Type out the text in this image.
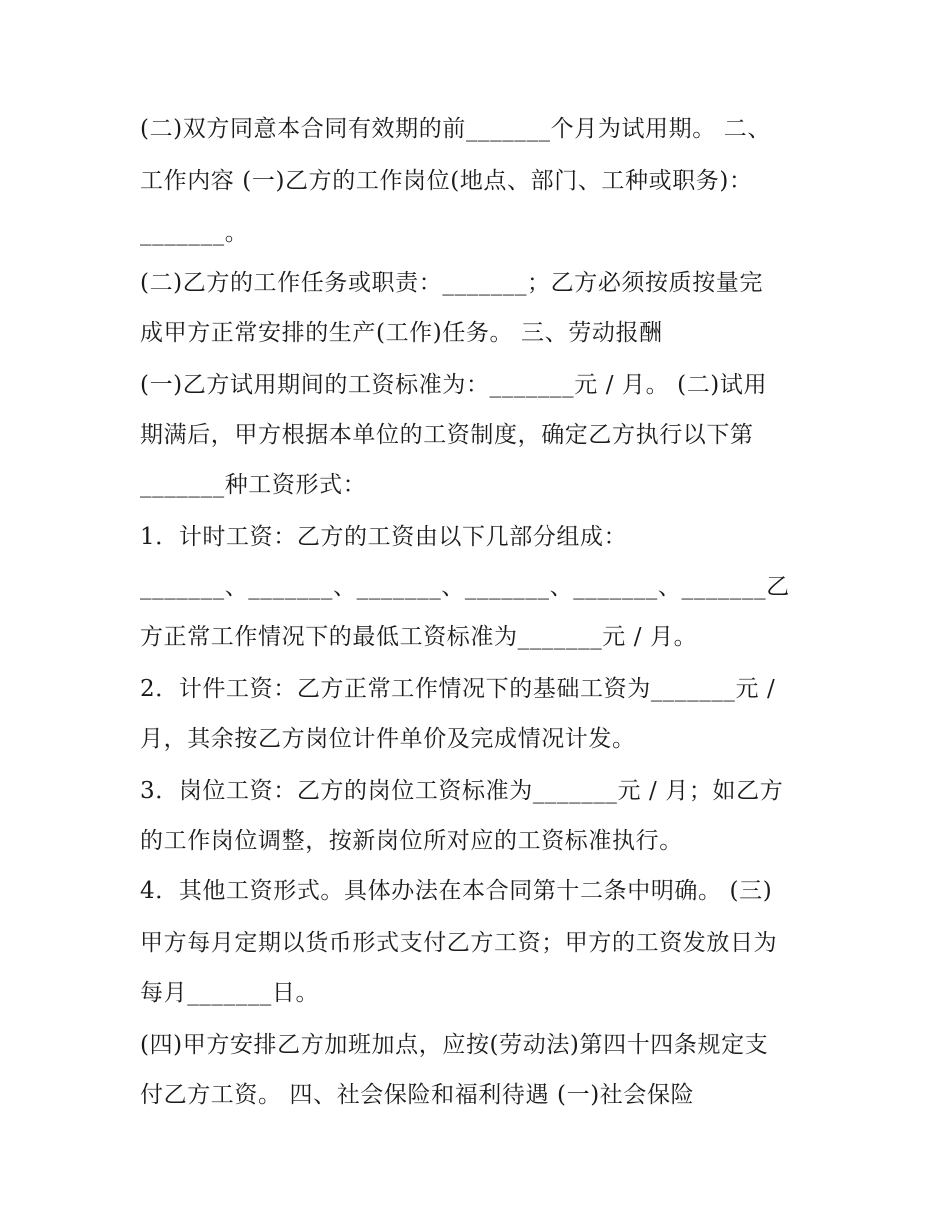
(二)双方同意本合同有效期的前_______个月为试用期。 二、
工作内容 (一)乙方的工作岗位(地点、部门、工种或职务)：
_______。
(二)乙方的工作任务或职责：_______；乙方必须按质按量完
成甲方正常安排的生产(工作)任务。 三、劳动报酬
(一)乙方试用期间的工资标准为：_______元 / 月。 (二)试用
期满后，甲方根据本单位的工资制度，确定乙方执行以下第
_______种工资形式：
1．计时工资：乙方的工资由以下几部分组成：
_______、_______、_______、_______、_______、_______乙
方正常工作情况下的最低工资标准为_______元 / 月。
2．计件工资：乙方正常工作情况下的基础工资为_______元 /
月，其余按乙方岗位计件单价及完成情况计发。
3．岗位工资：乙方的岗位工资标准为_______元 / 月；如乙方
的工作岗位调整，按新岗位所对应的工资标准执行。
4．其他工资形式。具体办法在本合同第十二条中明确。 (三)
甲方每月定期以货币形式支付乙方工资；甲方的工资发放日为
每月_______日。
(四)甲方安排乙方加班加点，应按(劳动法)第四十四条规定支
付乙方工资。 四、社会保险和福利待遇 (一)社会保险
